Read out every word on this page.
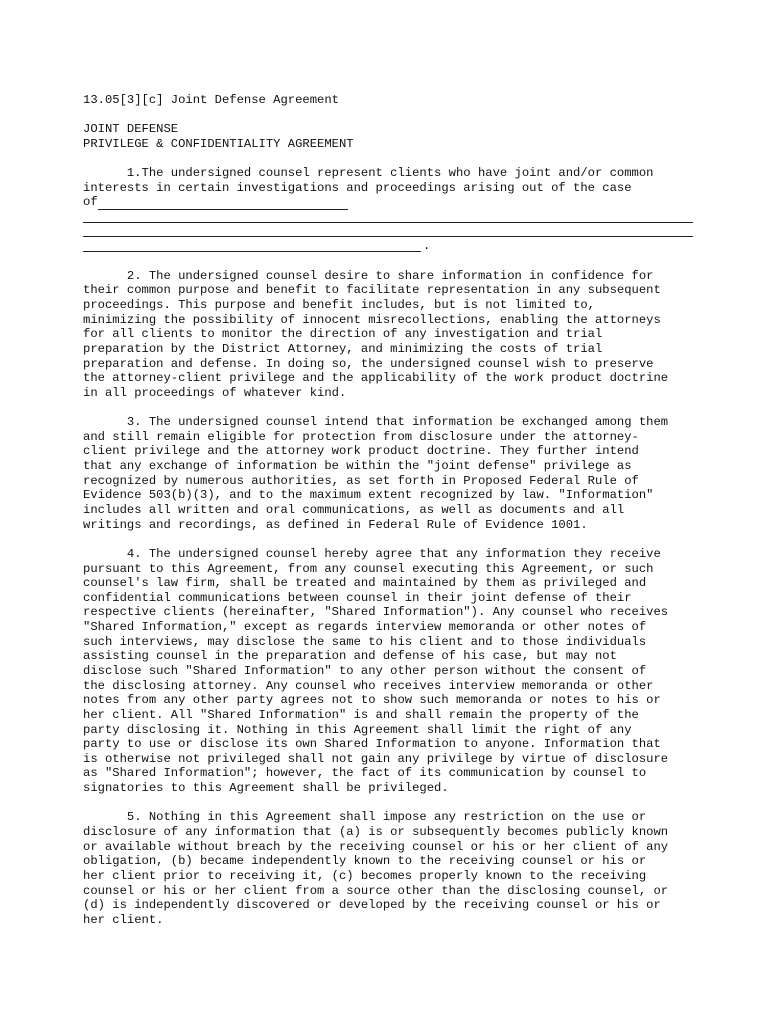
13.05[3][c] Joint Defense Agreement
JOINT DEFENSE
PRIVILEGE & CONFIDENTIALITY AGREEMENT
1.The undersigned counsel represent clients who have joint and/or common
interests in certain investigations and proceedings arising out of the case
of
.
2. The undersigned counsel desire to share information in confidence for
their common purpose and benefit to facilitate representation in any subsequent
proceedings. This purpose and benefit includes, but is not limited to,
minimizing the possibility of innocent misrecollections, enabling the attorneys
for all clients to monitor the direction of any investigation and trial
preparation by the District Attorney, and minimizing the costs of trial
preparation and defense. In doing so, the undersigned counsel wish to preserve
the attorney-client privilege and the applicability of the work product doctrine
in all proceedings of whatever kind.
3. The undersigned counsel intend that information be exchanged among them
and still remain eligible for protection from disclosure under the attorney-
client privilege and the attorney work product doctrine. They further intend
that any exchange of information be within the "joint defense" privilege as
recognized by numerous authorities, as set forth in Proposed Federal Rule of
Evidence 503(b)(3), and to the maximum extent recognized by law. "Information"
includes all written and oral communications, as well as documents and all
writings and recordings, as defined in Federal Rule of Evidence 1001.
4. The undersigned counsel hereby agree that any information they receive
pursuant to this Agreement, from any counsel executing this Agreement, or such
counsel's law firm, shall be treated and maintained by them as privileged and
confidential communications between counsel in their joint defense of their
respective clients (hereinafter, "Shared Information"). Any counsel who receives
"Shared Information," except as regards interview memoranda or other notes of
such interviews, may disclose the same to his client and to those individuals
assisting counsel in the preparation and defense of his case, but may not
disclose such "Shared Information" to any other person without the consent of
the disclosing attorney. Any counsel who receives interview memoranda or other
notes from any other party agrees not to show such memoranda or notes to his or
her client. All "Shared Information" is and shall remain the property of the
party disclosing it. Nothing in this Agreement shall limit the right of any
party to use or disclose its own Shared Information to anyone. Information that
is otherwise not privileged shall not gain any privilege by virtue of disclosure
as "Shared Information"; however, the fact of its communication by counsel to
signatories to this Agreement shall be privileged.
5. Nothing in this Agreement shall impose any restriction on the use or
disclosure of any information that (a) is or subsequently becomes publicly known
or available without breach by the receiving counsel or his or her client of any
obligation, (b) became independently known to the receiving counsel or his or
her client prior to receiving it, (c) becomes properly known to the receiving
counsel or his or her client from a source other than the disclosing counsel, or
(d) is independently discovered or developed by the receiving counsel or his or
her client.
